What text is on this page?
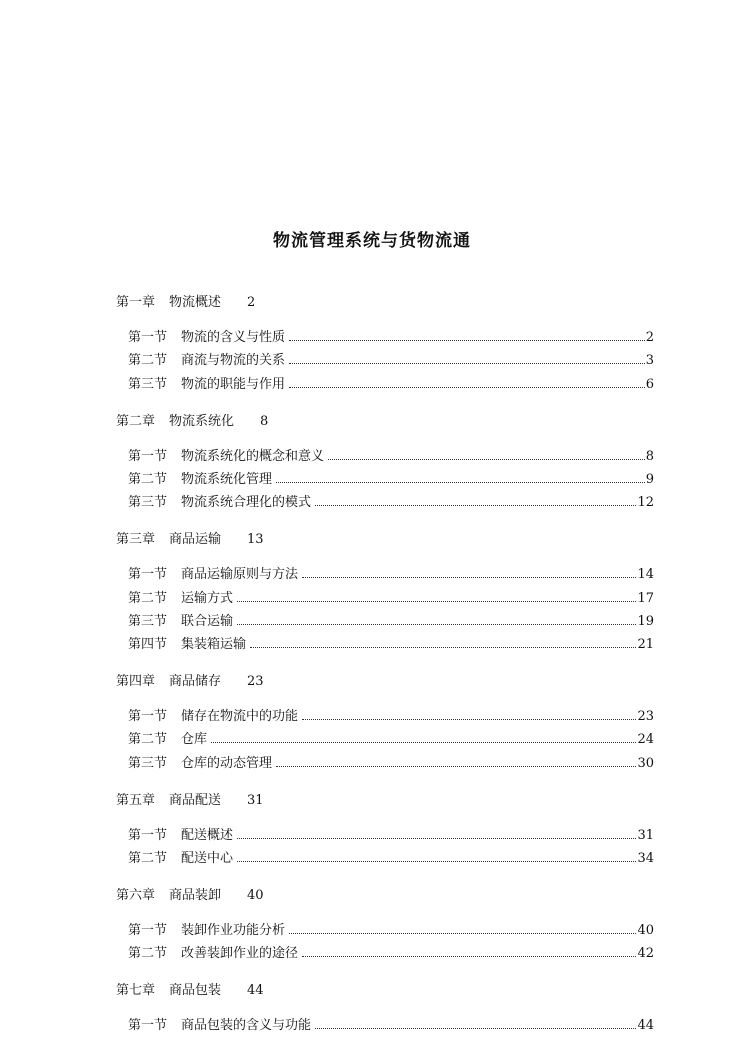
物流管理系统与货物流通
第一章 物流概述 2
第一节 物流的含义与性质	2
第二节 商流与物流的关系	3
第三节 物流的职能与作用	6
第二章 物流系统化 8
第一节 物流系统化的概念和意义	8
第二节 物流系统化管理	9
第三节 物流系统合理化的模式	12
第三章 商品运输 13
第一节 商品运输原则与方法	14
第二节 运输方式	17
第三节 联合运输	19
第四节 集装箱运输	21
第四章 商品储存 23
第一节 储存在物流中的功能	23
第二节 仓库	24
第三节 仓库的动态管理	30
第五章 商品配送 31
第一节 配送概述	31
第二节 配送中心	34
第六章 商品装卸 40
第一节 装卸作业功能分析	40
第二节 改善装卸作业的途径	42
第七章 商品包装 44
第一节 商品包装的含义与功能	44
